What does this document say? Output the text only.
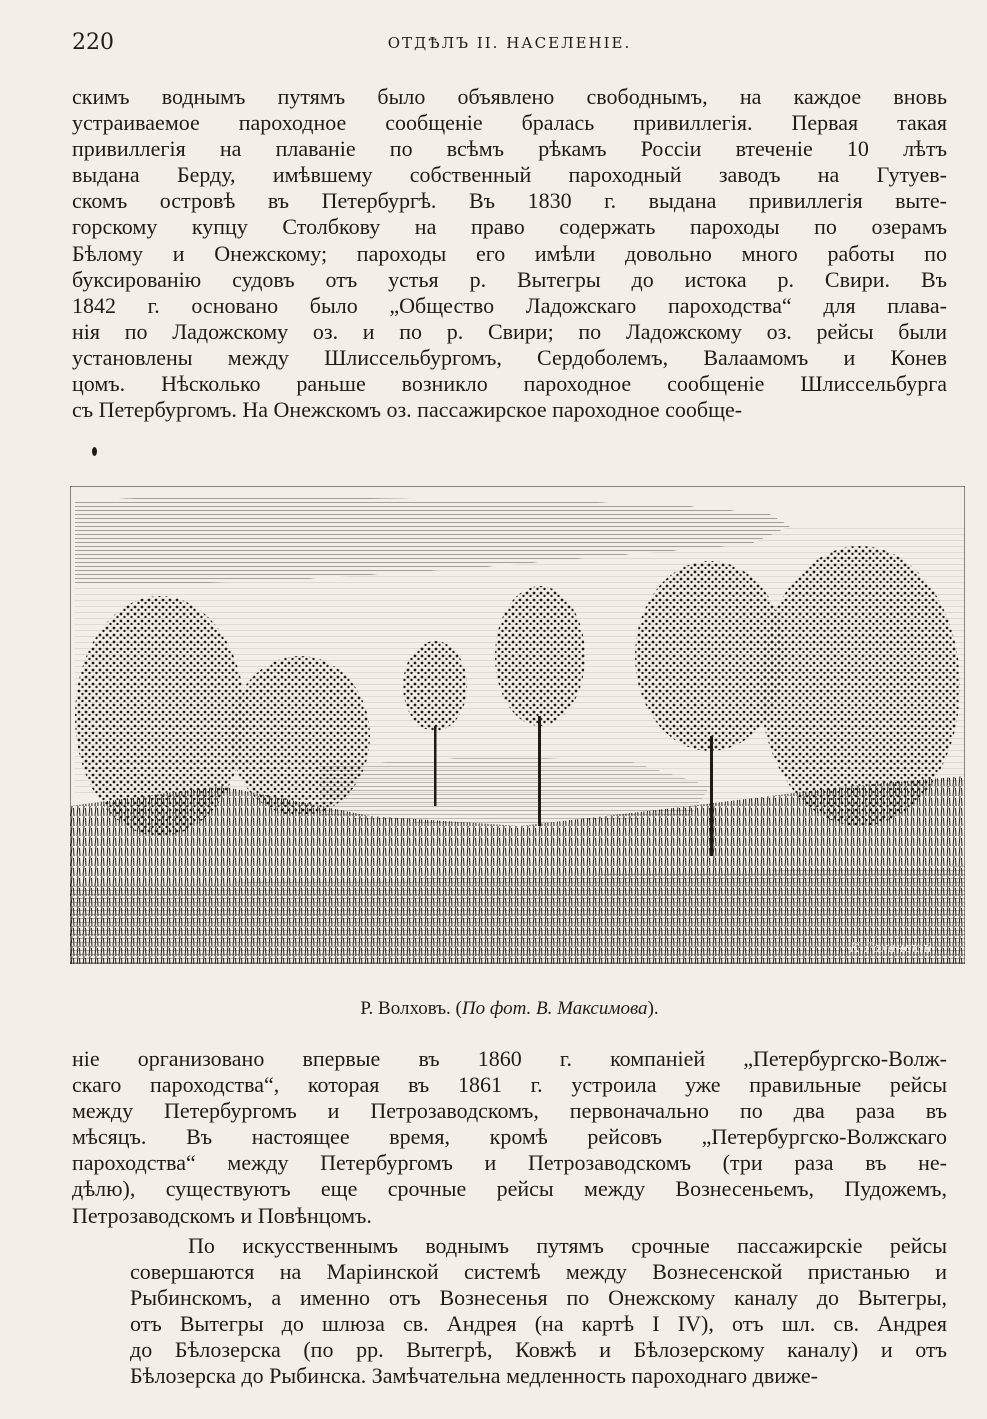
220	ОТДѢЛЪ II. НАСЕЛЕНІЕ.
скимъ воднымъ путямъ было объявлено свободнымъ, на каждое вновь
устраиваемое пароходное сообщеніе бралась привиллегія. Первая такая
привиллегія на плаваніе по всѣмъ рѣкамъ Россіи втеченіе 10 лѣтъ
выдана Берду, имѣвшему собственный пароходный заводъ на Гутуев-
скомъ островѣ въ Петербургѣ. Въ 1830 г. выдана привиллегія выте-
горскому купцу Столбкову на право содержать пароходы по озерамъ
Бѣлому и Онежскому; пароходы его имѣли довольно много работы по
буксированію судовъ отъ устья р. Вытегры до истока р. Свири. Въ
1842 г. основано было „Общество Ладожскаго пароходства“ для плава-
нія по Ладожскому оз. и по р. Свири; по Ладожскому оз. рейсы были
установлены между Шлиссельбургомъ, Сердоболемъ, Валаамомъ и Конев
цомъ. Нѣсколько раньше возникло пароходное сообщеніе Шлиссельбурга
съ Петербургомъ. На Онежскомъ оз. пассажирское пароходное сообще-
К.Гаханскій
Р. Волховъ. (По фот. В. Максимова).

ніе организовано впервые въ 1860 г. компаніей „Петербургско-Волж-
скаго пароходства“, которая въ 1861 г. устроила уже правильные рейсы
между Петербургомъ и Петрозаводскомъ, первоначально по два раза въ
мѣсяцъ. Въ настоящее время, кромѣ рейсовъ „Петербургско-Волжскаго
пароходства“ между Петербургомъ и Петрозаводскомъ (три раза въ не-
дѣлю), существуютъ еще срочные рейсы между Вознесеньемъ, Пудожемъ,
Петрозаводскомъ и Повѣнцомъ.

По искусственнымъ воднымъ путямъ срочные пассажирскіе рейсы
совершаются на Маріинской системѣ между Вознесенской пристанью и
Рыбинскомъ, а именно отъ Вознесенья по Онежскому каналу до Вытегры,
отъ Вытегры до шлюза св. Андрея (на картѣ I IV), отъ шл. св. Андрея
до Бѣлозерска (по рр. Вытегрѣ, Ковжѣ и Бѣлозерскому каналу) и отъ
Бѣлозерска до Рыбинска. Замѣчательна медленность пароходнаго движе-
